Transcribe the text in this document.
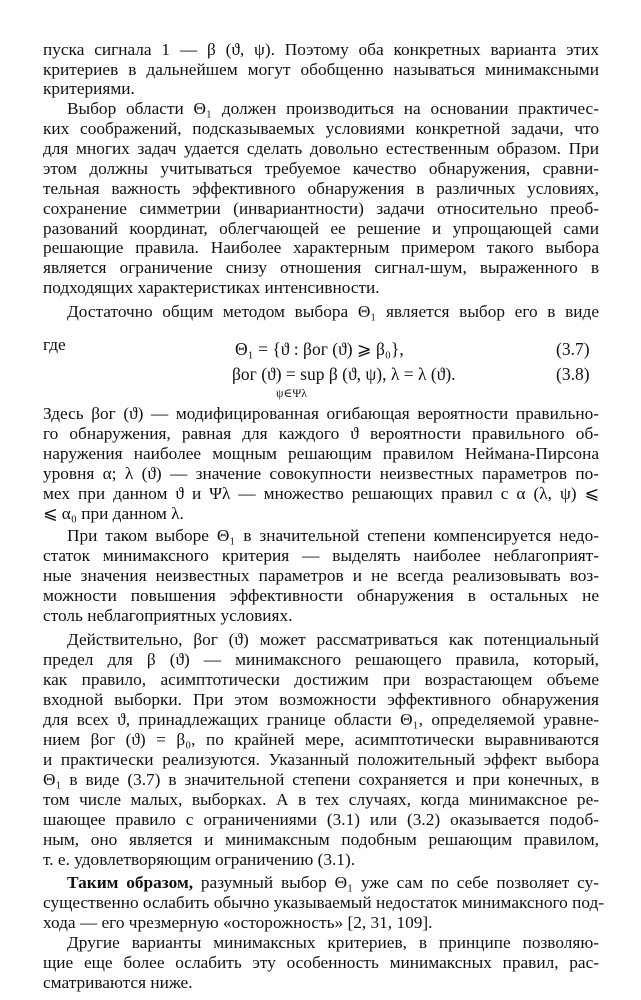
пуска сигнала 1 — β (ϑ, ψ). Поэтому оба конкретных варианта этих
критериев в дальнейшем могут обобщенно называться минимаксными
критериями.
Выбор области Θ₁ должен производиться на основании практичес-
ких соображений, подсказываемых условиями конкретной задачи, что
для многих задач удается сделать довольно естественным образом. При
этом должны учитываться требуемое качество обнаружения, сравни-
тельная важность эффективного обнаружения в различных условиях,
сохранение симметрии (инвариантности) задачи относительно преоб-
разований координат, облегчающей ее решение и упрощающей сами
решающие правила. Наиболее характерным примером такого выбора
является ограничение снизу отношения сигнал-шум, выраженного в
подходящих характеристиках интенсивности.
Достаточно общим методом выбора Θ₁ является выбор его в виде
Θ₁ = {ϑ : βог (ϑ) ⩾ β₀},	(3.7)
где
βог (ϑ) = sup β (ϑ, ψ), λ = λ (ϑ).
ψ∈Ψλ
(3.8)
Здесь βог (ϑ) — модифицированная огибающая вероятности правильно-
го обнаружения, равная для каждого ϑ вероятности правильного об-
наружения наиболее мощным решающим правилом Неймана-Пирсона
уровня α; λ (ϑ) — значение совокупности неизвестных параметров по-
мех при данном ϑ и Ψλ — множество решающих правил с α (λ, ψ) ⩽
⩽ α₀ при данном λ.
При таком выборе Θ₁ в значительной степени компенсируется недо-
статок минимаксного критерия — выделять наиболее неблагоприят-
ные значения неизвестных параметров и не всегда реализовывать воз-
можности повышения эффективности обнаружения в остальных не
столь неблагоприятных условиях.
Действительно, βог (ϑ) может рассматриваться как потенциальный
предел для β (ϑ) — минимаксного решающего правила, который,
как правило, асимптотически достижим при возрастающем объеме
входной выборки. При этом возможности эффективного обнаружения
для всех ϑ, принадлежащих границе области Θ₁, определяемой уравне-
нием βог (ϑ) = β₀, по крайней мере, асимптотически выравниваются
и практически реализуются. Указанный положительный эффект выбора
Θ₁ в виде (3.7) в значительной степени сохраняется и при конечных, в
том числе малых, выборках. А в тех случаях, когда минимаксное ре-
шающее правило с ограничениями (3.1) или (3.2) оказывается подоб-
ным, оно является и минимаксным подобным решающим правилом,
т. е. удовлетворяющим ограничению (3.1).
Таким образом, разумный выбор Θ₁ уже сам по себе позволяет су-
существенно ослабить обычно указываемый недостаток минимаксного под-
хода — его чрезмерную «осторожность» [2, 31, 109].
Другие варианты минимаксных критериев, в принципе позволяю-
щие еще более ослабить эту особенность минимаксных правил, рас-
сматриваются ниже.
